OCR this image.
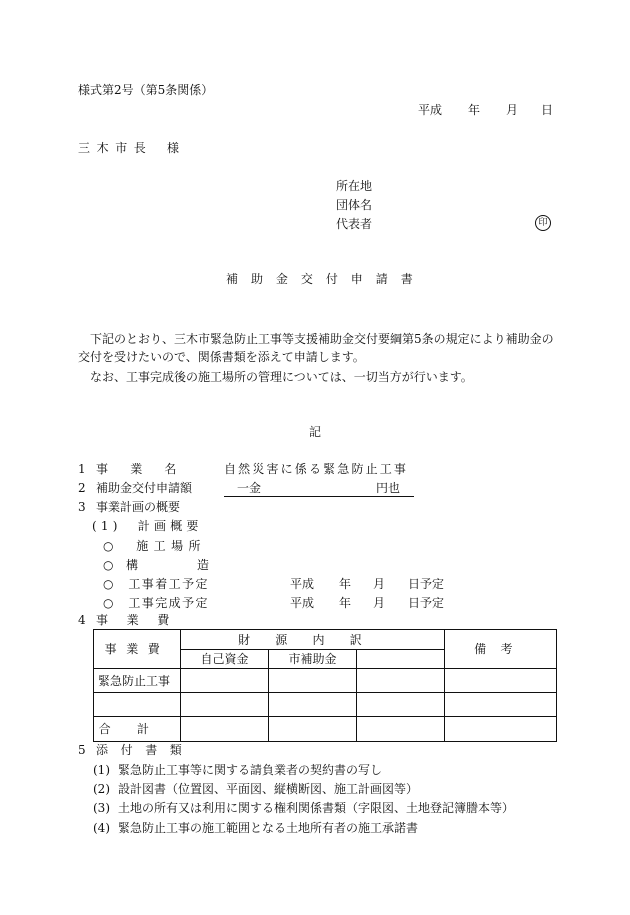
様式第2号（第5条関係）
平成 年 月 日
三木市長 様
所在地
団体名
代表者	印
補助金交付申請書
下記のとおり、三木市緊急防止工事等支援補助金交付要綱第5条の規定により補助金の交付を受けたいので、関係書類を添えて申請します。
なお、工事完成後の施工場所の管理については、一切当方が行います。
記
1 事業名 自然災害に係る緊急防止工事
2 補助金交付申請額	一金	円也
3 事業計画の概要
(1)　計画概要
○　施工場所
○ 構	造
○　工事着工予定	平成 年 月 日予定
○　工事完成予定	平成 年 月 日予定
4 事業費
事業費	財源内訳			備考
	自己資金	市補助金		
緊急防止工事				

合計				
5 添付書類
(1) 緊急防止工事等に関する請負業者の契約書の写し
(2) 設計図書（位置図、平面図、縦横断図、施工計画図等）
(3) 土地の所有又は利用に関する権利関係書類（字限図、土地登記簿謄本等）
(4) 緊急防止工事の施工範囲となる土地所有者の施工承諾書
